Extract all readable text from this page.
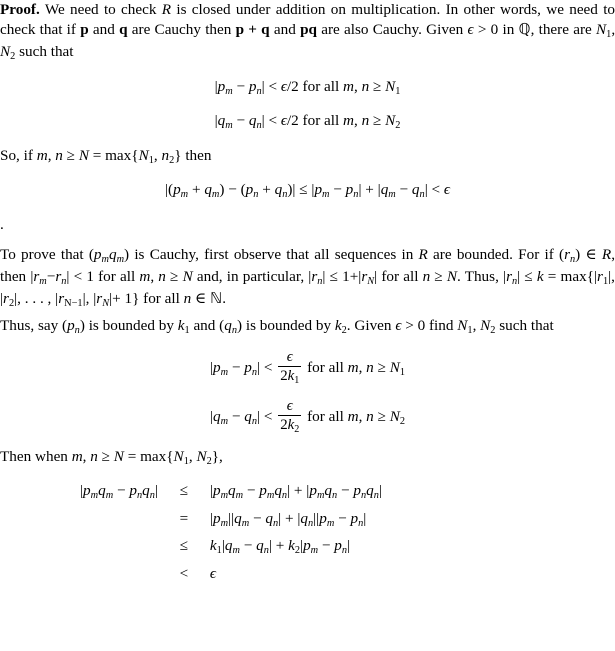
Proof. We need to check R is closed under addition on multiplication. In other words, we need to check that if p and q are Cauchy then p + q and pq are also Cauchy. Given ϵ > 0 in ℚ, there are $N_1$, $N_2$ such that

$|p_m - p_n| < \epsilon/2$ for all m, $n \ge N_1$
$|q_m - q_n| < \epsilon/2$ for all m, $n \ge N_2$

So, if m, $n \ge N = \max\{N_1$, $n_2$} then

$|(p_m + q_m) - (p_n + q_n)| \le |p_m - p_n| + |q_m - q_n| < \epsilon$

.

To prove that $(p_mq_m)$ is Cauchy, first observe that all sequences in R are bounded. For if $(r_n)$ ∈ R, then $|r_m-r_n| < 1$ for all m, n ≥ N and, in particular, $|r_n| \le 1+|r_N|$ for all n ≥ N. Thus, $|r_n| \le k = \max\{|r_1|$, $|r_2|$, . . . , $|r_{N-1}|$, $|r_N|+ 1$} for all n ∈ ℕ.

Thus, say $(p_n)$ is bounded by $k_1$ and $(q_n)$ is bounded by $k_2$. Given ϵ > 0 find $N_1$, $N_2$ such that

$|p_m - p_n| < \frac{\epsilon}{2k_1}$ for all m, $n \ge N_1$
$|q_m - q_n| < \frac{\epsilon}{2k_2}$ for all m, $n \ge N_2$

Then when m, $n \ge N = \max\{N_1$, $N_2$},

$|p_mq_m - p_nq_n|$	≤	$|p_mq_m - p_mq_n| + |p_mq_n - p_nq_n|$
	=	$|p_m||q_m - q_n| + |q_n||p_m - p_n|$
	≤	$k_1|q_m - q_n| + k_2|p_m - p_n|$
	<	ϵ
